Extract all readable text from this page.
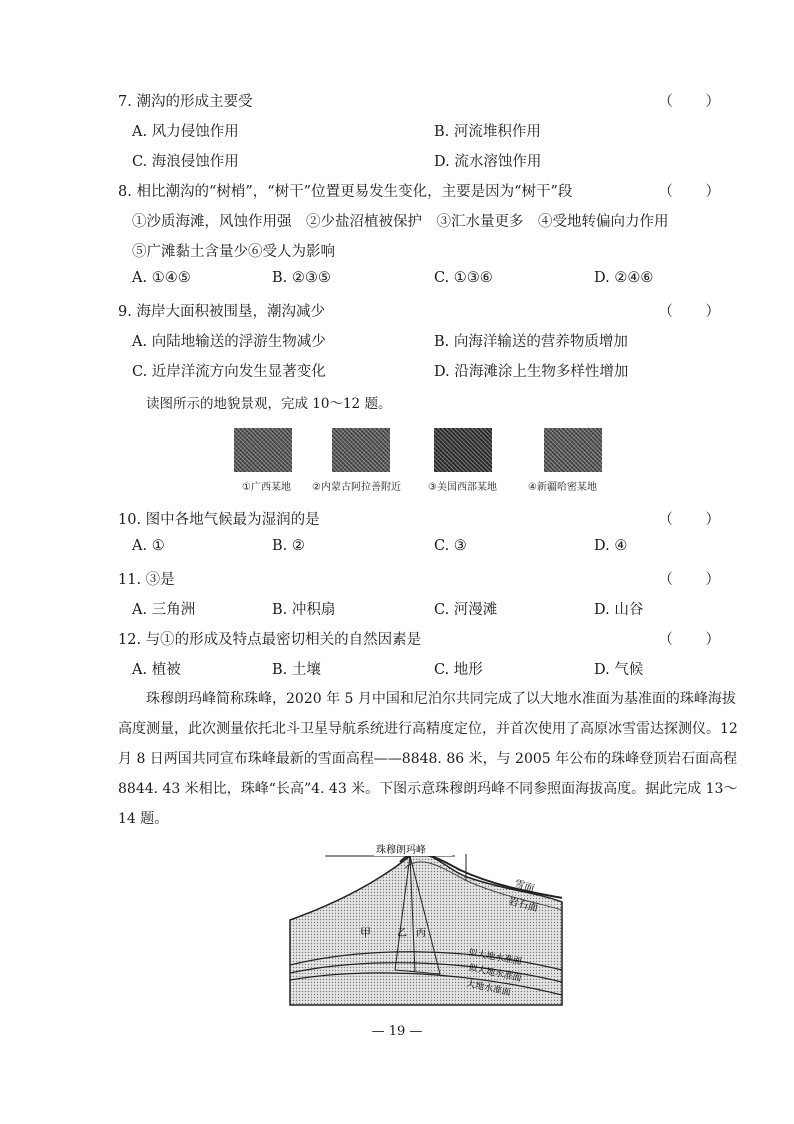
7. 潮沟的形成主要受	（ ）
A. 风力侵蚀作用	B. 河流堆积作用
C. 海浪侵蚀作用	D. 流水溶蚀作用
8. 相比潮沟的“树梢”，“树干”位置更易发生变化，主要是因为“树干”段	（ ）
①沙质海滩，风蚀作用强　②少盐沼植被保护　③汇水量更多　④受地转偏向力作用
⑤广滩黏土含量少⑥受人为影响
A. ①④⑤	B. ②③⑤	C. ①③⑥	D. ②④⑥
9. 海岸大面积被围垦，潮沟减少	（ ）
A. 向陆地输送的浮游生物减少	B. 向海洋输送的营养物质增加
C. 近岸洋流方向发生显著变化	D. 沿海滩涂上生物多样性增加
读图所示的地貌景观，完成 10～12 题。
①广西某地 ②内蒙古阿拉善附近	③美国西部某地	④新疆哈密某地
10. 图中各地气候最为湿润的是	（ ）
A. ①	B. ②	C. ③	D. ④
11. ③是	（ ）
A. 三角洲	B. 冲积扇	C. 河漫滩	D. 山谷
12. 与①的形成及特点最密切相关的自然因素是	（ ）
A. 植被	B. 土壤	C. 地形	D. 气候
珠穆朗玛峰简称珠峰，2020 年 5 月中国和尼泊尔共同完成了以大地水准面为基准面的珠峰海拔高度测量，此次测量依托北斗卫星导航系统进行高精度定位，并首次使用了高原冰雪雷达探测仪。12 月 8 日两国共同宣布珠峰最新的雪面高程——8848. 86 米，与 2005 年公布的珠峰登顶岩石面高程 8844. 43 米相比，珠峰“长高”4. 43 米。下图示意珠穆朗玛峰不同参照面海拔高度。据此完成 13～14 题。
珠穆朗玛峰
雪面
岩石面
甲	乙 丙
似大地水准面
似大地水准面
大地水准面
— 19 —
